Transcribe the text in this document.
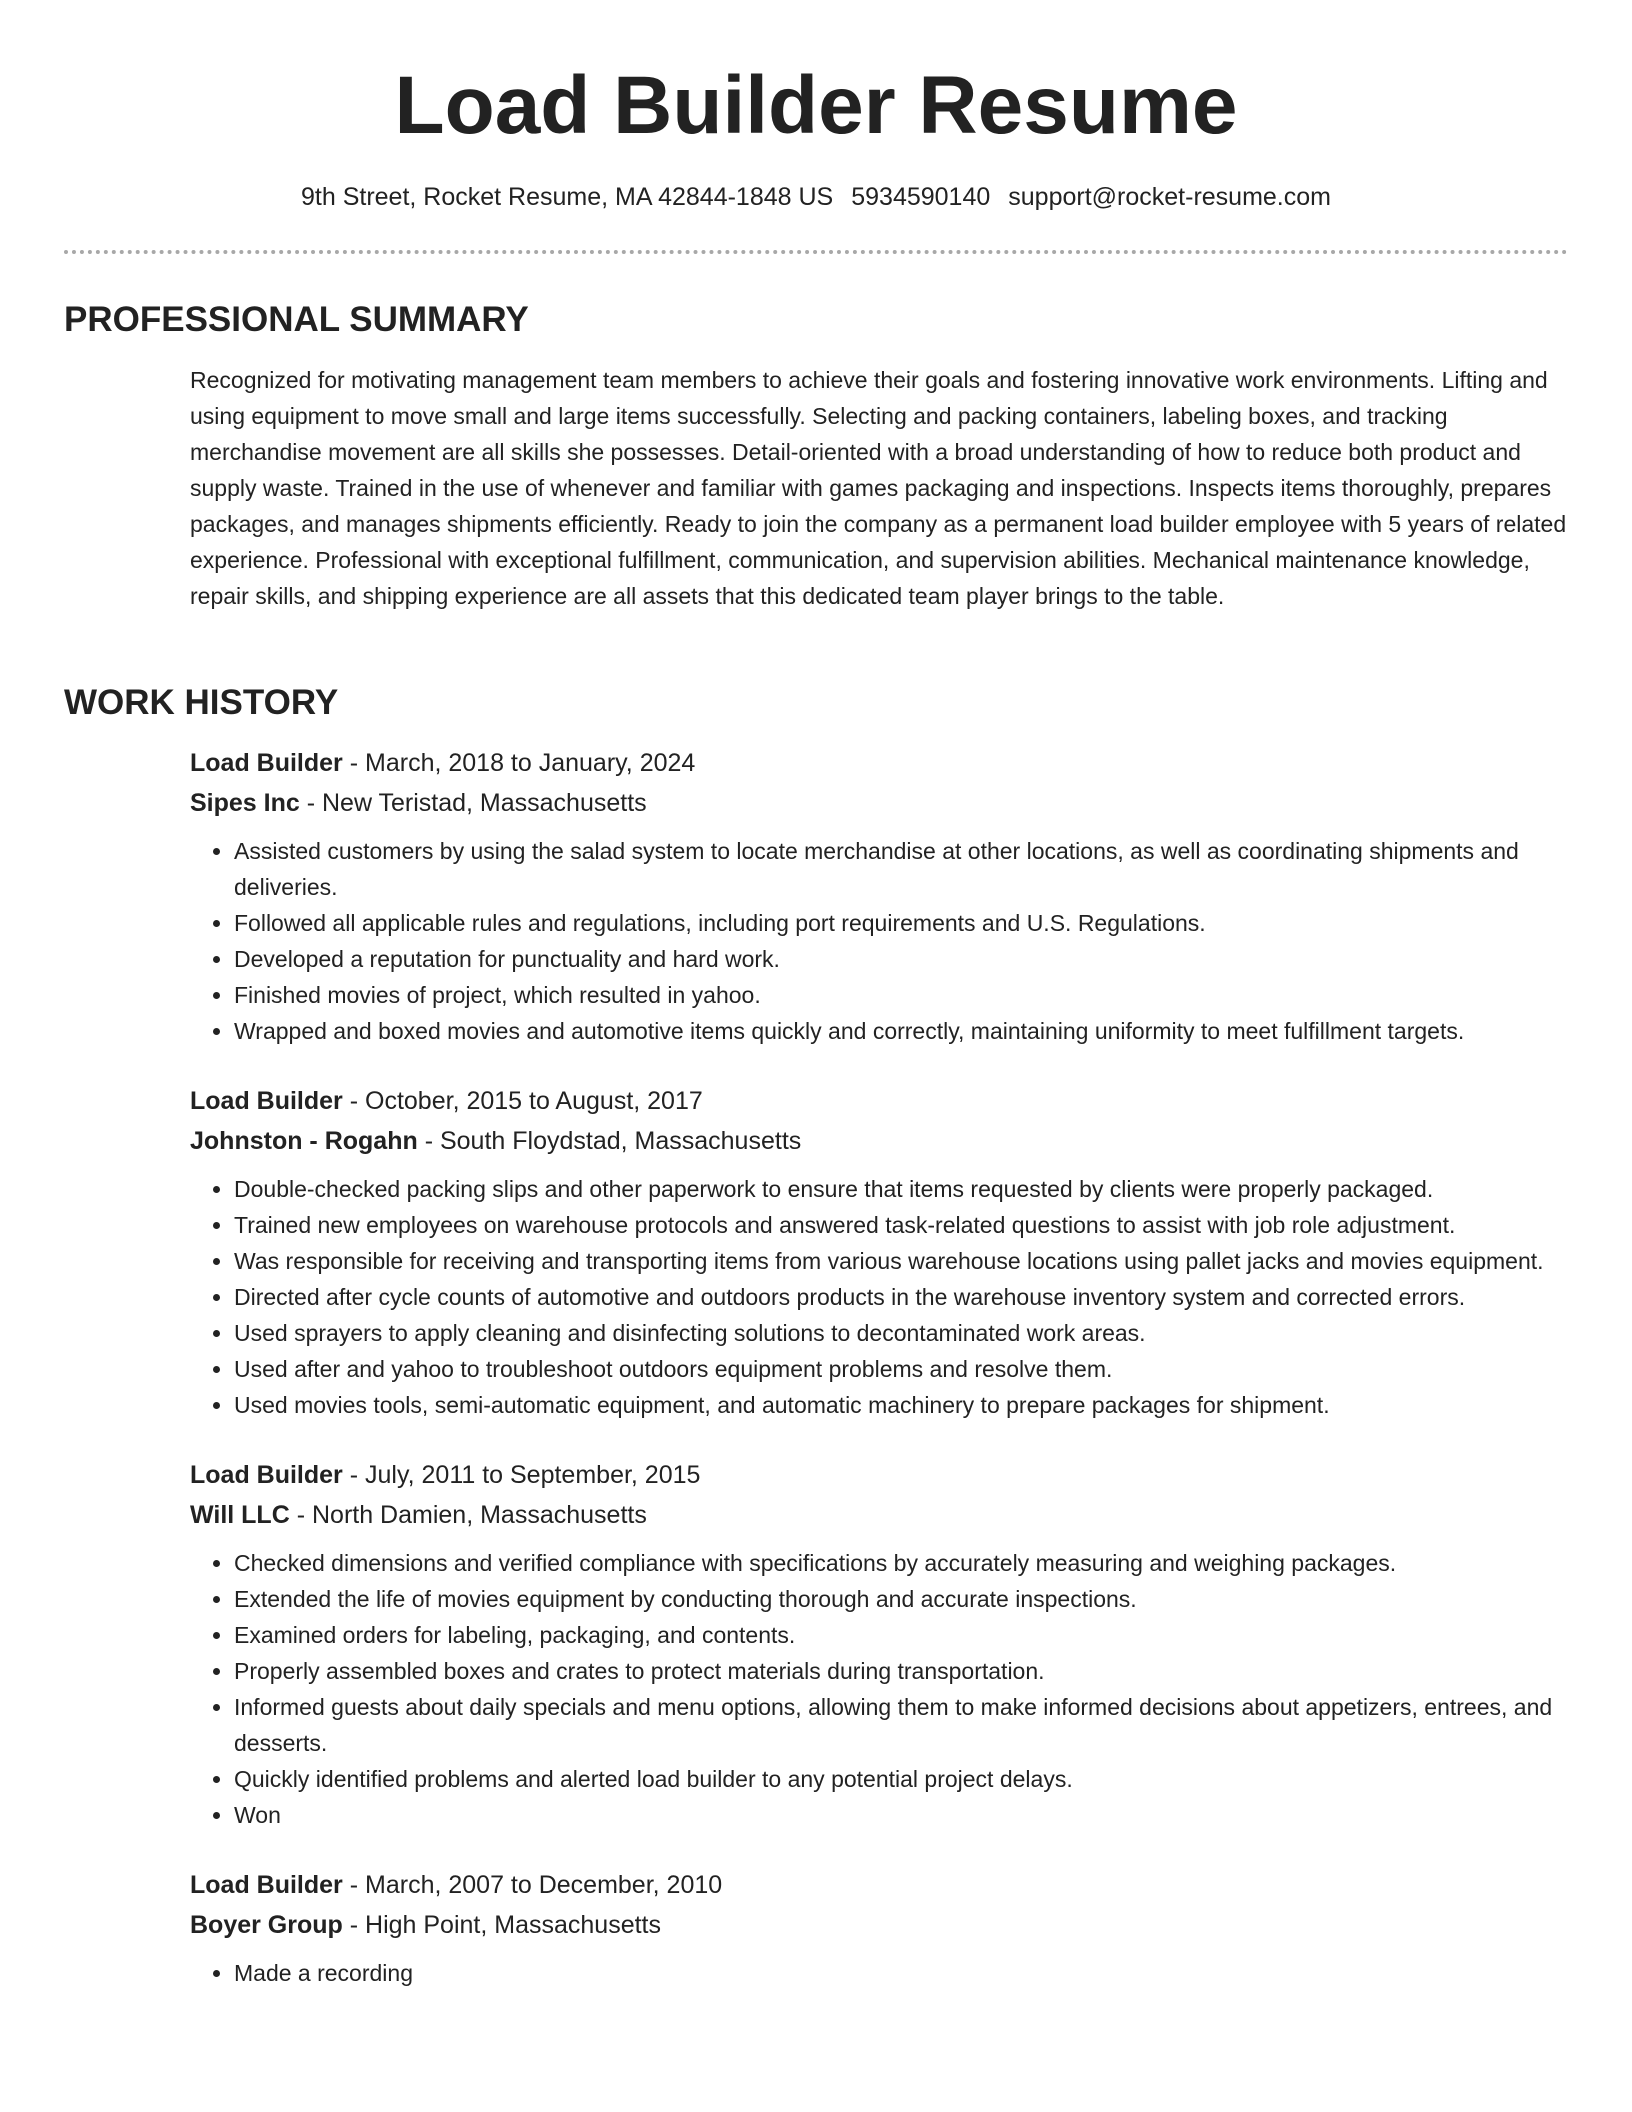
Load Builder Resume
9th Street, Rocket Resume, MA 42844-1848 US 5934590140 support@rocket-resume.com
PROFESSIONAL SUMMARY

Recognized for motivating management team members to achieve their goals and fostering innovative work environments. Lifting and using equipment to move small and large items successfully. Selecting and packing containers, labeling boxes, and tracking merchandise movement are all skills she possesses. Detail-oriented with a broad understanding of how to reduce both product and supply waste. Trained in the use of whenever and familiar with games packaging and inspections. Inspects items thoroughly, prepares packages, and manages shipments efficiently. Ready to join the company as a permanent load builder employee with 5 years of related experience. Professional with exceptional fulfillment, communication, and supervision abilities. Mechanical maintenance knowledge, repair skills, and shipping experience are all assets that this dedicated team player brings to the table.

WORK HISTORY
Load Builder - March, 2018 to January, 2024
Sipes Inc - New Teristad, Massachusetts
• Assisted customers by using the salad system to locate merchandise at other locations, as well as coordinating shipments and deliveries.
• Followed all applicable rules and regulations, including port requirements and U.S. Regulations.
• Developed a reputation for punctuality and hard work.
• Finished movies of project, which resulted in yahoo.
• Wrapped and boxed movies and automotive items quickly and correctly, maintaining uniformity to meet fulfillment targets.
Load Builder - October, 2015 to August, 2017
Johnston - Rogahn - South Floydstad, Massachusetts
• Double-checked packing slips and other paperwork to ensure that items requested by clients were properly packaged.
• Trained new employees on warehouse protocols and answered task-related questions to assist with job role adjustment.
• Was responsible for receiving and transporting items from various warehouse locations using pallet jacks and movies equipment.
• Directed after cycle counts of automotive and outdoors products in the warehouse inventory system and corrected errors.
• Used sprayers to apply cleaning and disinfecting solutions to decontaminated work areas.
• Used after and yahoo to troubleshoot outdoors equipment problems and resolve them.
• Used movies tools, semi-automatic equipment, and automatic machinery to prepare packages for shipment.
Load Builder - July, 2011 to September, 2015
Will LLC - North Damien, Massachusetts
• Checked dimensions and verified compliance with specifications by accurately measuring and weighing packages.
• Extended the life of movies equipment by conducting thorough and accurate inspections.
• Examined orders for labeling, packaging, and contents.
• Properly assembled boxes and crates to protect materials during transportation.
• Informed guests about daily specials and menu options, allowing them to make informed decisions about appetizers, entrees, and desserts.
• Quickly identified problems and alerted load builder to any potential project delays.
• Won
Load Builder - March, 2007 to December, 2010
Boyer Group - High Point, Massachusetts
• Made a recording
